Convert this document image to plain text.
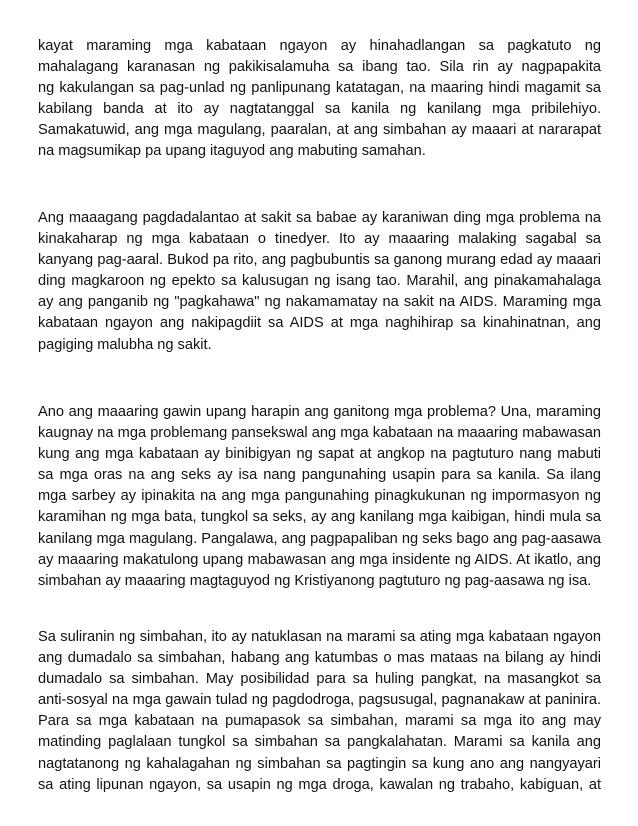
kayat maraming mga kabataan ngayon ay hinahadlangan sa pagkatuto ng
mahalagang karanasan ng pakikisalamuha sa ibang tao. Sila rin ay nagpapakita
ng kakulangan sa pag-unlad ng panlipunang katatagan, na maaring hindi magamit sa
kabilang banda at ito ay nagtatanggal sa kanila ng kanilang mga pribilehiyo.
Samakatuwid, ang mga magulang, paaralan, at ang simbahan ay maaari at nararapat
na magsumikap pa upang itaguyod ang mabuting samahan.

Ang maaagang pagdadalantao at sakit sa babae ay karaniwan ding mga problema na
kinakaharap ng mga kabataan o tinedyer. Ito ay maaaring malaking sagabal sa
kanyang pag-aaral. Bukod pa rito, ang pagbubuntis sa ganong murang edad ay maaari
ding magkaroon ng epekto sa kalusugan ng isang tao. Marahil, ang pinakamahalaga
ay ang panganib ng "pagkahawa" ng nakamamatay na sakit na AIDS. Maraming mga
kabataan ngayon ang nakipagdiit sa AIDS at mga naghihirap sa kinahinatnan, ang
pagiging malubha ng sakit.

Ano ang maaaring gawin upang harapin ang ganitong mga problema? Una, maraming
kaugnay na mga problemang pansekswal ang mga kabataan na maaaring mabawasan
kung ang mga kabataan ay binibigyan ng sapat at angkop na pagtuturo nang mabuti
sa mga oras na ang seks ay isa nang pangunahing usapin para sa kanila. Sa ilang
mga sarbey ay ipinakita na ang mga pangunahing pinagkukunan ng impormasyon ng
karamihan ng mga bata, tungkol sa seks, ay ang kanilang mga kaibigan, hindi mula sa
kanilang mga magulang. Pangalawa, ang pagpapaliban ng seks bago ang pag-aasawa
ay maaaring makatulong upang mabawasan ang mga insidente ng AIDS. At ikatlo, ang
simbahan ay maaaring magtaguyod ng Kristiyanong pagtuturo ng pag-aasawa ng isa.

Sa suliranin ng simbahan, ito ay natuklasan na marami sa ating mga kabataan ngayon
ang dumadalo sa simbahan, habang ang katumbas o mas mataas na bilang ay hindi
dumadalo sa simbahan. May posibilidad para sa huling pangkat, na masangkot sa
anti-sosyal na mga gawain tulad ng pagdodroga, pagsusugal, pagnanakaw at paninira.
Para sa mga kabataan na pumapasok sa simbahan, marami sa mga ito ang may
matinding paglalaan tungkol sa simbahan sa pangkalahatan. Marami sa kanila ang
nagtatanong ng kahalagahan ng simbahan sa pagtingin sa kung ano ang nangyayari
sa ating lipunan ngayon, sa usapin ng mga droga, kawalan ng trabaho, kabiguan, at
